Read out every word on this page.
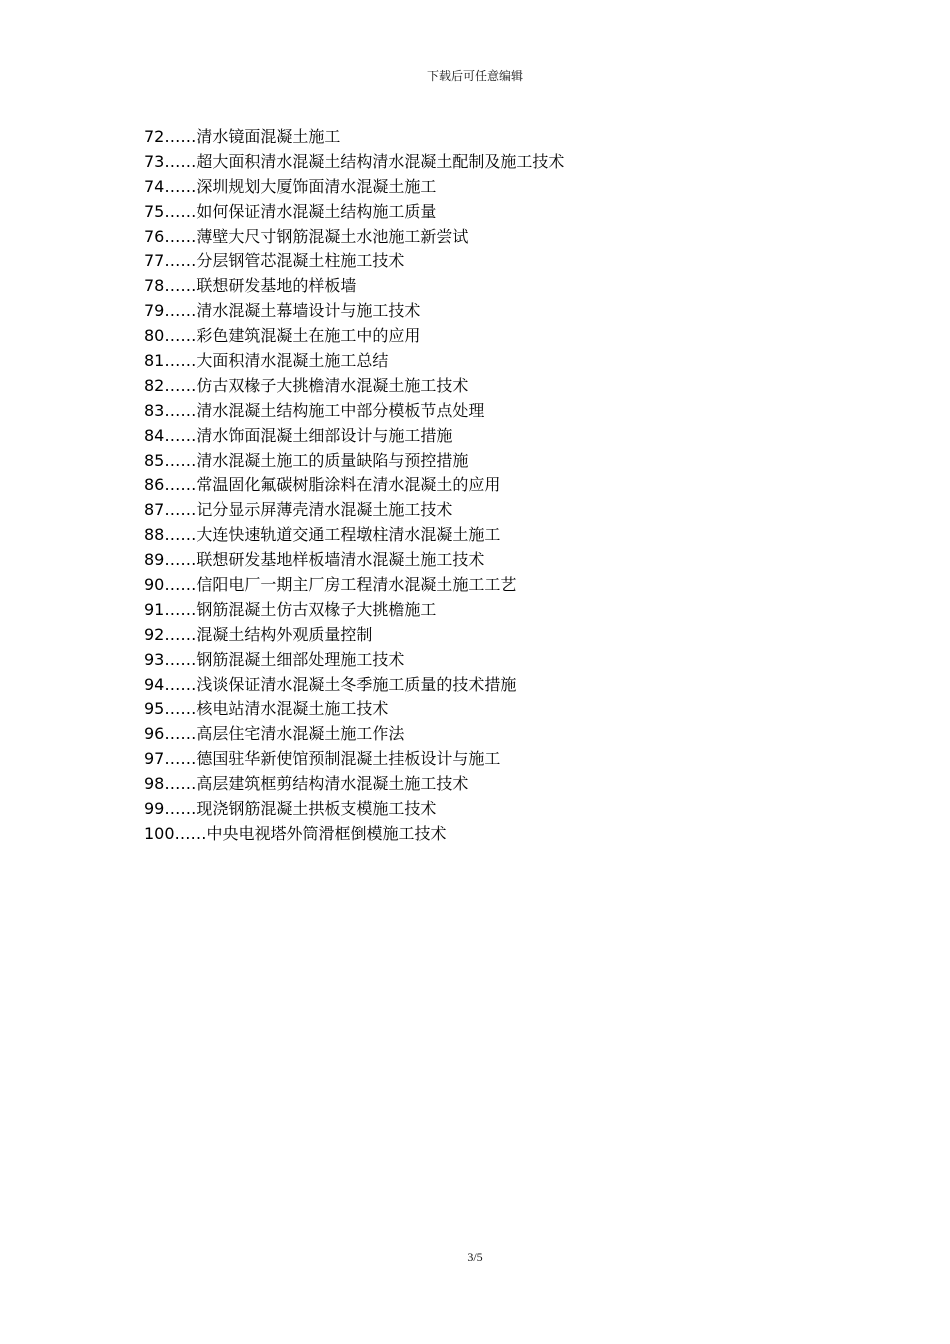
下载后可任意编辑
72……清水镜面混凝土施工
73……超大面积清水混凝土结构清水混凝土配制及施工技术
74……深圳规划大厦饰面清水混凝土施工
75……如何保证清水混凝土结构施工质量
76……薄壁大尺寸钢筋混凝土水池施工新尝试
77……分层钢管芯混凝土柱施工技术
78……联想研发基地的样板墙
79……清水混凝土幕墙设计与施工技术
80……彩色建筑混凝土在施工中的应用
81……大面积清水混凝土施工总结
82……仿古双椽子大挑檐清水混凝土施工技术
83……清水混凝土结构施工中部分模板节点处理
84……清水饰面混凝土细部设计与施工措施
85……清水混凝土施工的质量缺陷与预控措施
86……常温固化氟碳树脂涂料在清水混凝土的应用
87……记分显示屏薄壳清水混凝土施工技术
88……大连快速轨道交通工程墩柱清水混凝土施工
89……联想研发基地样板墙清水混凝土施工技术
90……信阳电厂一期主厂房工程清水混凝土施工工艺
91……钢筋混凝土仿古双椽子大挑檐施工
92……混凝土结构外观质量控制
93……钢筋混凝土细部处理施工技术
94……浅谈保证清水混凝土冬季施工质量的技术措施
95……核电站清水混凝土施工技术
96……高层住宅清水混凝土施工作法
97……德国驻华新使馆预制混凝土挂板设计与施工
98……高层建筑框剪结构清水混凝土施工技术
99……现浇钢筋混凝土拱板支模施工技术
100……中央电视塔外筒滑框倒模施工技术
3/5
